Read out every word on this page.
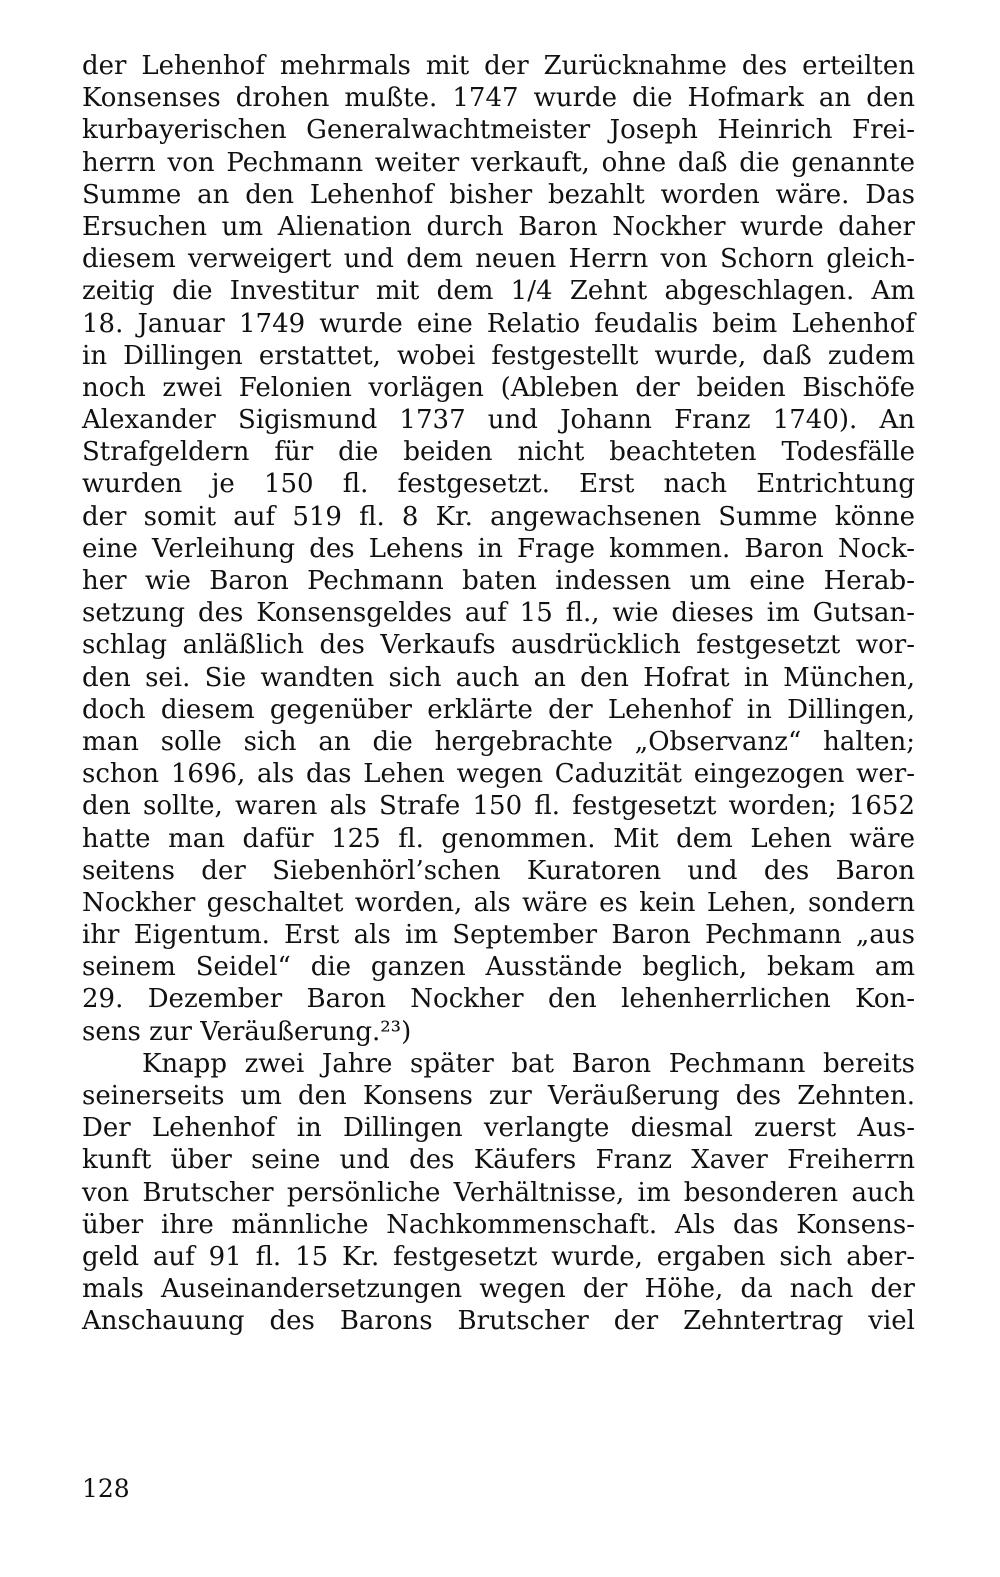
der Lehenhof mehrmals mit der Zurücknahme des erteilten
Konsenses drohen mußte. 1747 wurde die Hofmark an den
kurbayerischen Generalwachtmeister Joseph Heinrich Frei-
herrn von Pechmann weiter verkauft, ohne daß die genannte
Summe an den Lehenhof bisher bezahlt worden wäre. Das
Ersuchen um Alienation durch Baron Nockher wurde daher
diesem verweigert und dem neuen Herrn von Schorn gleich-
zeitig die Investitur mit dem 1/4 Zehnt abgeschlagen. Am
18. Januar 1749 wurde eine Relatio feudalis beim Lehenhof
in Dillingen erstattet, wobei festgestellt wurde, daß zudem
noch zwei Felonien vorlägen (Ableben der beiden Bischöfe
Alexander Sigismund 1737 und Johann Franz 1740). An
Strafgeldern für die beiden nicht beachteten Todesfälle
wurden je 150 fl. festgesetzt. Erst nach Entrichtung
der somit auf 519 fl. 8 Kr. angewachsenen Summe könne
eine Verleihung des Lehens in Frage kommen. Baron Nock-
her wie Baron Pechmann baten indessen um eine Herab-
setzung des Konsensgeldes auf 15 fl., wie dieses im Gutsan-
schlag anläßlich des Verkaufs ausdrücklich festgesetzt wor-
den sei. Sie wandten sich auch an den Hofrat in München,
doch diesem gegenüber erklärte der Lehenhof in Dillingen,
man solle sich an die hergebrachte „Observanz“ halten;
schon 1696, als das Lehen wegen Caduzität eingezogen wer-
den sollte, waren als Strafe 150 fl. festgesetzt worden; 1652
hatte man dafür 125 fl. genommen. Mit dem Lehen wäre
seitens der Siebenhörl’schen Kuratoren und des Baron
Nockher geschaltet worden, als wäre es kein Lehen, sondern
ihr Eigentum. Erst als im September Baron Pechmann „aus
seinem Seidel“ die ganzen Ausstände beglich, bekam am
29. Dezember Baron Nockher den lehenherrlichen Kon-
sens zur Veräußerung.²³)
Knapp zwei Jahre später bat Baron Pechmann bereits
seinerseits um den Konsens zur Veräußerung des Zehnten.
Der Lehenhof in Dillingen verlangte diesmal zuerst Aus-
kunft über seine und des Käufers Franz Xaver Freiherrn
von Brutscher persönliche Verhältnisse, im besonderen auch
über ihre männliche Nachkommenschaft. Als das Konsens-
geld auf 91 fl. 15 Kr. festgesetzt wurde, ergaben sich aber-
mals Auseinandersetzungen wegen der Höhe, da nach der
Anschauung des Barons Brutscher der Zehntertrag viel
128
